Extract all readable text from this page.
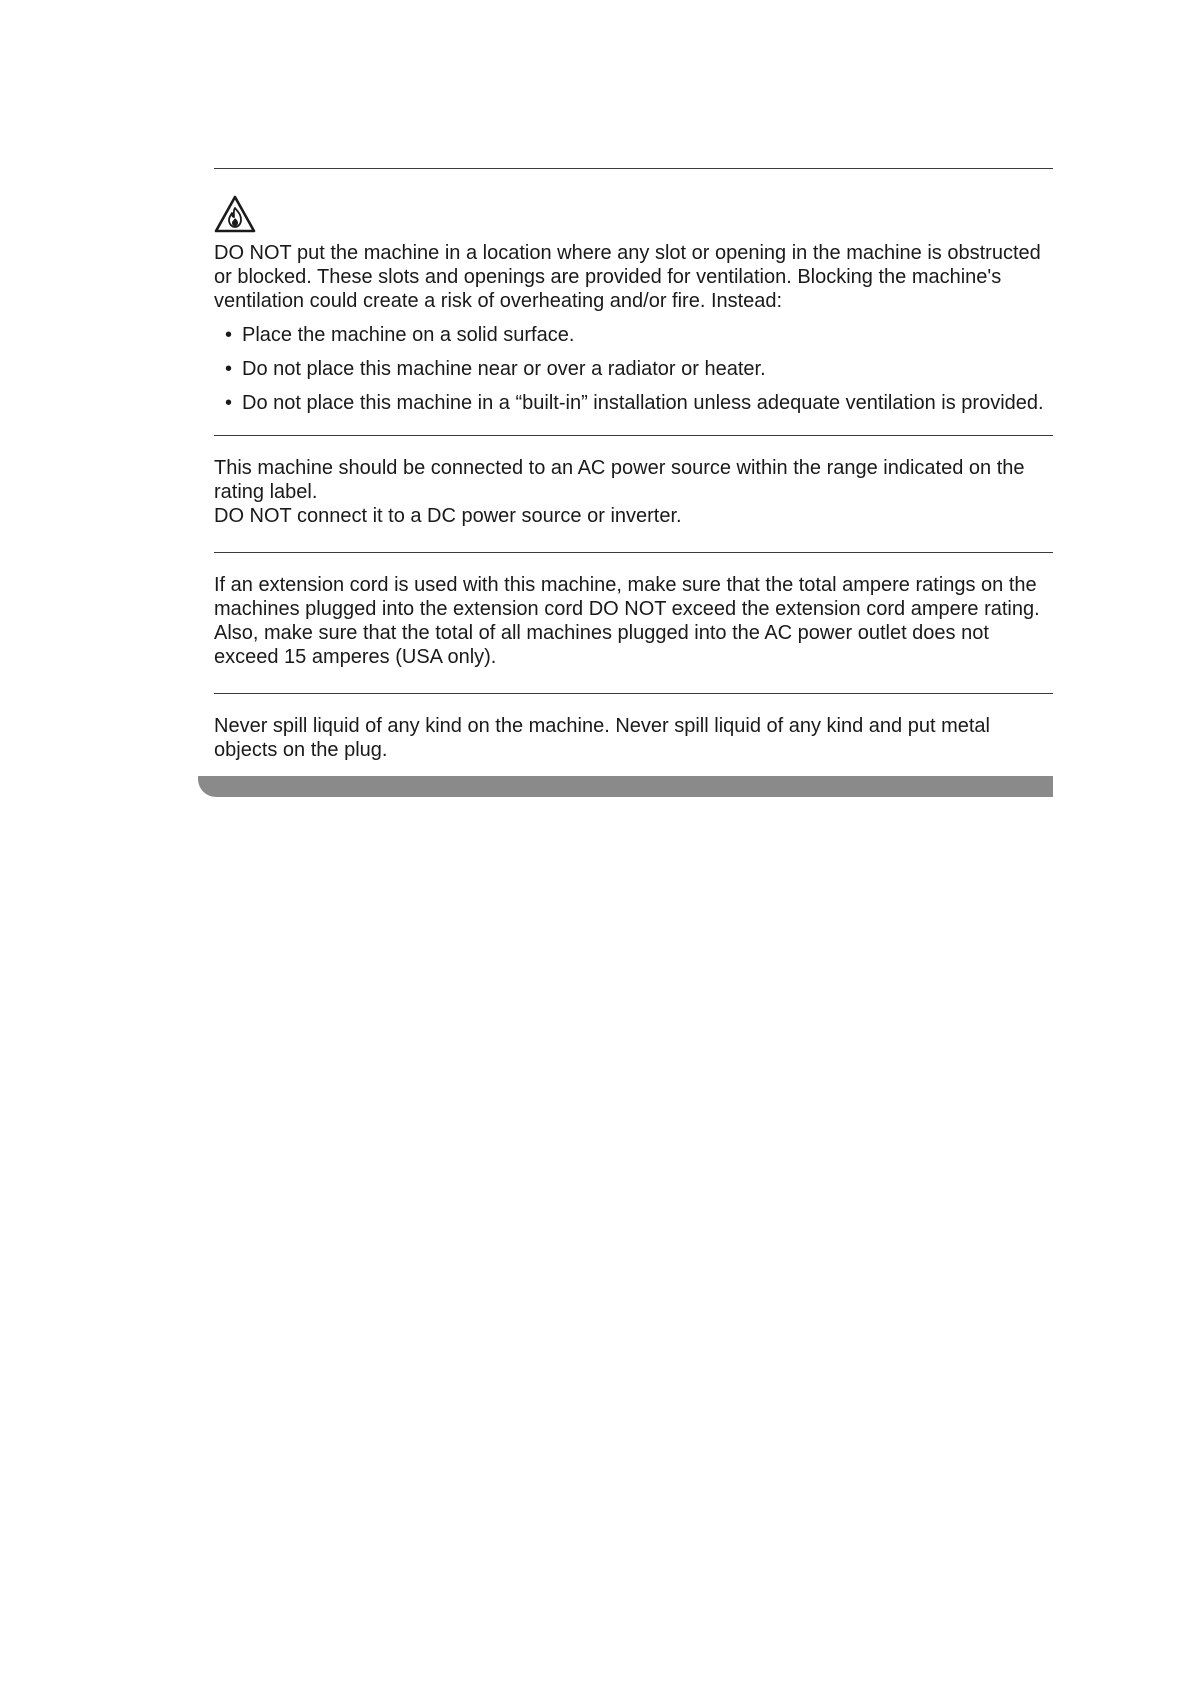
DO NOT put the machine in a location where any slot or opening in the machine is obstructed or blocked. These slots and openings are provided for ventilation. Blocking the machine's ventilation could create a risk of overheating and/or fire. Instead:

• Place the machine on a solid surface.
• Do not place this machine near or over a radiator or heater.
• Do not place this machine in a “built-in” installation unless adequate ventilation is provided.

This machine should be connected to an AC power source within the range indicated on the rating label.

DO NOT connect it to a DC power source or inverter.

If an extension cord is used with this machine, make sure that the total ampere ratings on the machines plugged into the extension cord DO NOT exceed the extension cord ampere rating. Also, make sure that the total of all machines plugged into the AC power outlet does not exceed 15 amperes (USA only).

Never spill liquid of any kind on the machine. Never spill liquid of any kind and put metal objects on the plug.
